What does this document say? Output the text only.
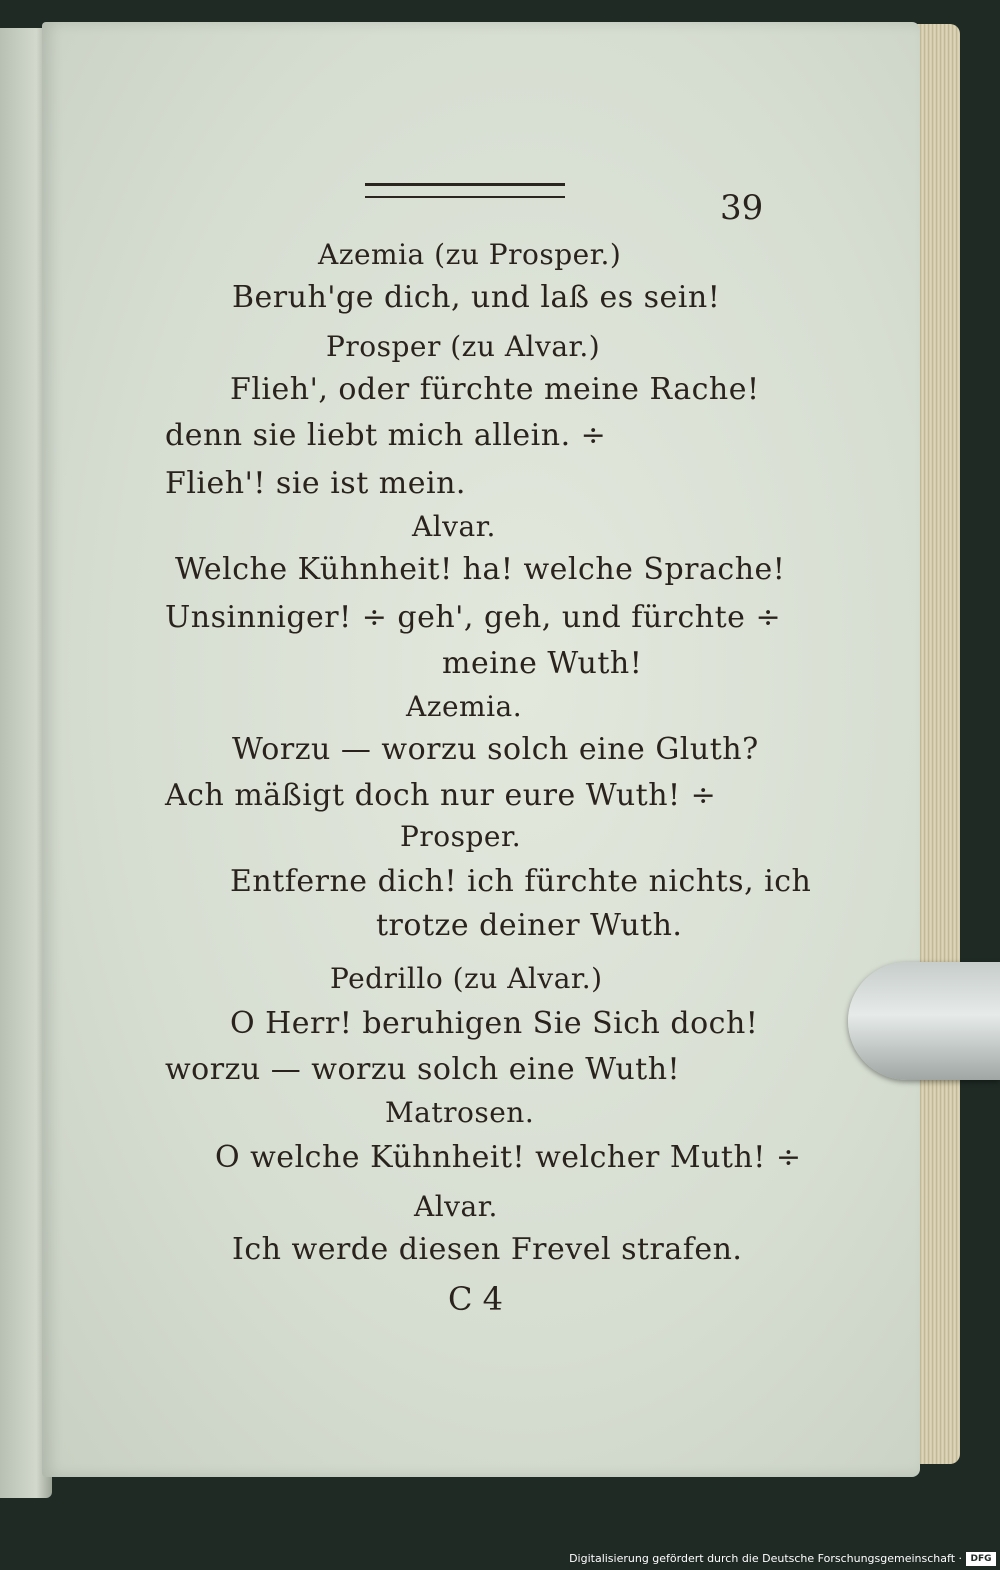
39
Azemia (zu Prosper.)
Beruh'ge dich, und laß es sein!
Prosper (zu Alvar.)
Flieh', oder fürchte meine Rache!
denn sie liebt mich allein. ÷
Flieh'! sie ist mein.
Alvar.
Welche Kühnheit! ha! welche Sprache!
Unsinniger! ÷ geh', geh, und fürchte ÷
meine Wuth!
Azemia.
Worzu — worzu solch eine Gluth?
Ach mäßigt doch nur eure Wuth! ÷
Prosper.
Entferne dich! ich fürchte nichts, ich
trotze deiner Wuth.
Pedrillo (zu Alvar.)
O Herr! beruhigen Sie Sich doch!
worzu — worzu solch eine Wuth!
Matrosen.
O welche Kühnheit! welcher Muth! ÷
Alvar.
Ich werde diesen Frevel strafen.
C 4
Digitalisierung gefördert durch die Deutsche Forschungsgemeinschaft · DFG
